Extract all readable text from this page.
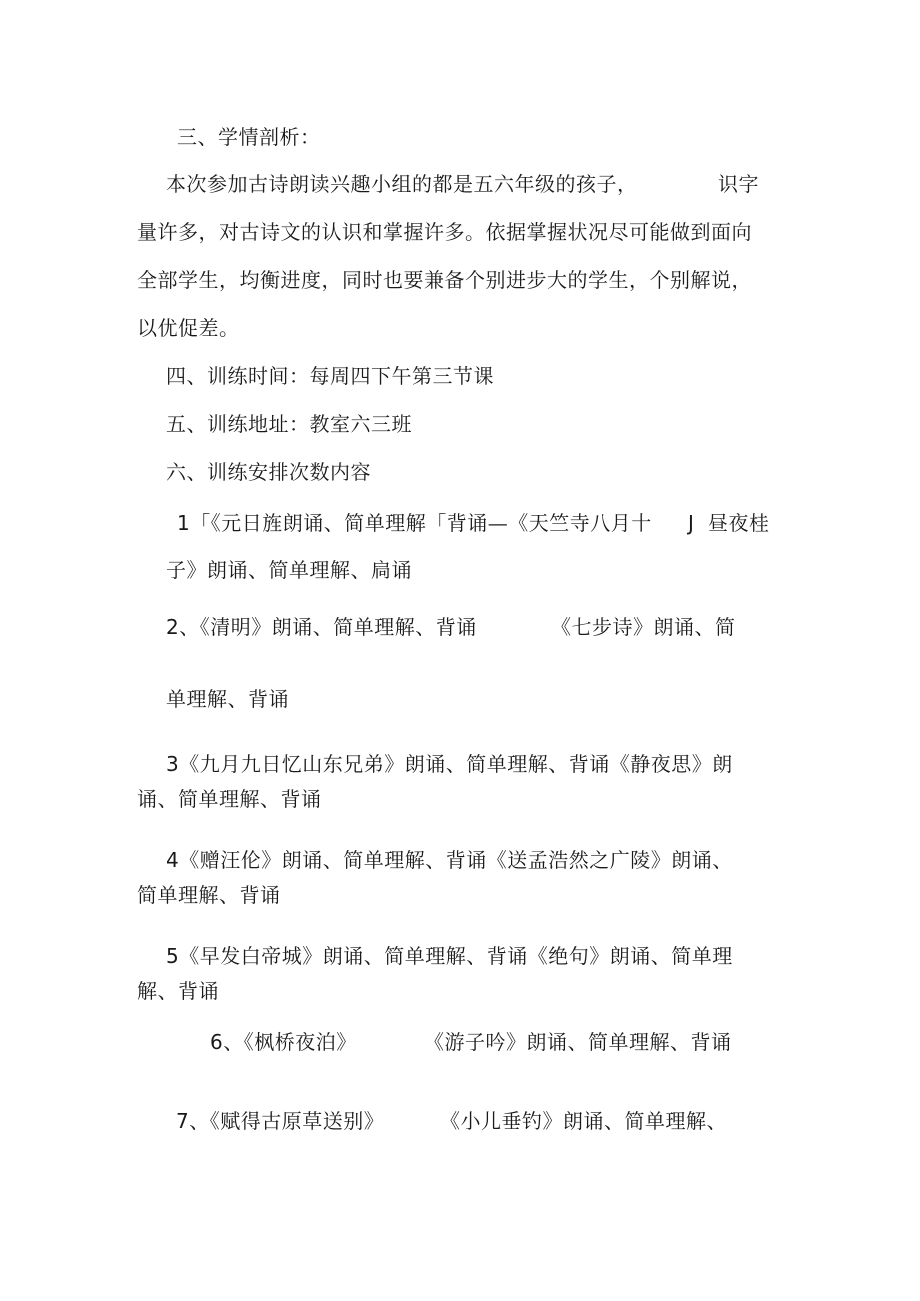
三、学情剖析：
本次参加古诗朗读兴趣小组的都是五六年级的孩子，	识字
量许多，对古诗文的认识和掌握许多。依据掌握状况尽可能做到面向
全部学生，均衡进度，同时也要兼备个别进步大的学生，个别解说，
以优促差。
四、训练时间：每周四下午第三节课
五、训练地址：教室六三班
六、训练安排次数内容
1「《元日旌朗诵、简单理解「背诵—《天竺寺八月十 J 昼夜桂
子》朗诵、简单理解、扃诵
2、《清明》朗诵、简单理解、背诵	《七步诗》朗诵、简
单理解、背诵
3《九月九日忆山东兄弟》朗诵、简单理解、背诵《静夜思》朗
诵、简单理解、背诵
4《赠汪伦》朗诵、简单理解、背诵《送孟浩然之广陵》朗诵、
简单理解、背诵
5《早发白帝城》朗诵、简单理解、背诵《绝句》朗诵、简单理
解、背诵
6、《枫桥夜泊》	《游子吟》朗诵、简单理解、背诵
7、《赋得古原草送别》	《小儿垂钓》朗诵、简单理解、
